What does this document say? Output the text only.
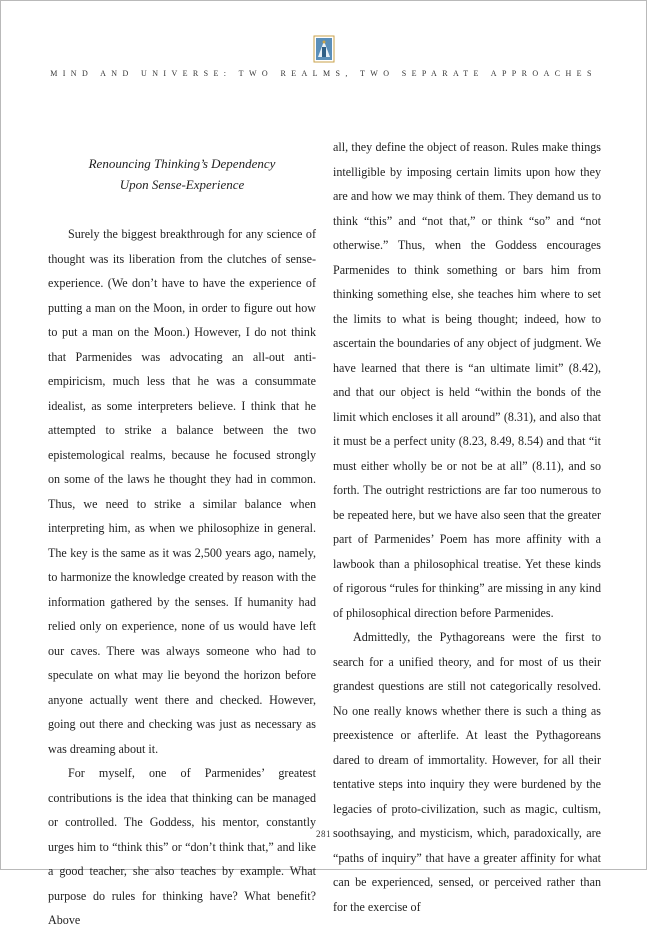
MIND AND UNIVERSE: TWO REALMS, TWO SEPARATE APPROACHES
Renouncing Thinking’s Dependency
Upon Sense-Experience

Surely the biggest breakthrough for any science of thought was its liberation from the clutches of sense-experience. (We don’t have to have the experience of putting a man on the Moon, in order to figure out how to put a man on the Moon.) However, I do not think that Parmenides was advocating an all-out anti-empiricism, much less that he was a consummate idealist, as some interpreters believe. I think that he attempted to strike a balance between the two epistemological realms, because he focused strongly on some of the laws he thought they had in common. Thus, we need to strike a similar balance when interpreting him, as when we philosophize in general. The key is the same as it was 2,500 years ago, namely, to harmonize the knowledge created by reason with the information gathered by the senses. If humanity had relied only on experience, none of us would have left our caves. There was always someone who had to speculate on what may lie beyond the horizon before anyone actually went there and checked. However, going out there and checking was just as necessary as was dreaming about it.

For myself, one of Parmenides’ greatest contributions is the idea that thinking can be managed or controlled. The Goddess, his mentor, constantly urges him to “think this” or “don’t think that,” and like a good teacher, she also teaches by example. What purpose do rules for thinking have? What benefit? Above

all, they define the object of reason. Rules make things intelligible by imposing certain limits upon how they are and how we may think of them. They demand us to think “this” and “not that,” or think “so” and “not otherwise.” Thus, when the Goddess encourages Parmenides to think something or bars him from thinking something else, she teaches him where to set the limits to what is being thought; indeed, how to ascertain the boundaries of any object of judgment. We have learned that there is “an ultimate limit” (8.42), and that our object is held “within the bonds of the limit which encloses it all around” (8.31), and also that it must be a perfect unity (8.23, 8.49, 8.54) and that “it must either wholly be or not be at all” (8.11), and so forth. The outright restrictions are far too numerous to be repeated here, but we have also seen that the greater part of Parmenides’ Poem has more affinity with a lawbook than a philosophical treatise. Yet these kinds of rigorous “rules for thinking” are missing in any kind of philosophical direction before Parmenides.

Admittedly, the Pythagoreans were the first to search for a unified theory, and for most of us their grandest questions are still not categorically resolved. No one really knows whether there is such a thing as preexistence or afterlife. At least the Pythagoreans dared to dream of immortality. However, for all their tentative steps into inquiry they were burdened by the legacies of proto-civilization, such as magic, cultism, soothsaying, and mysticism, which, paradoxically, are “paths of inquiry” that have a greater affinity for what can be experienced, sensed, or perceived rather than for the exercise of

281
